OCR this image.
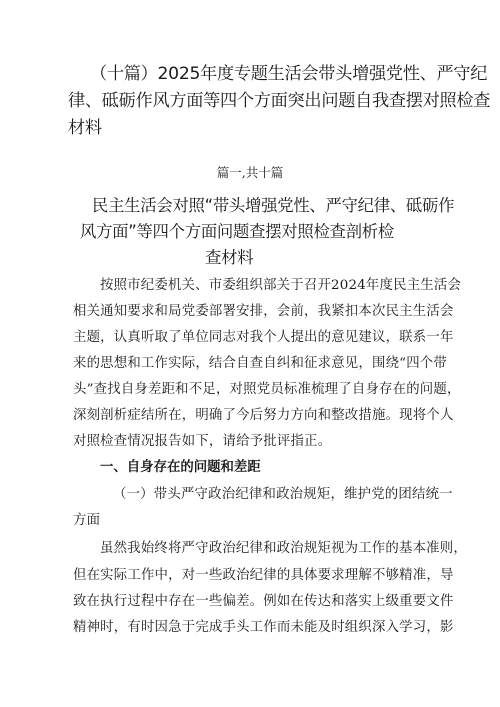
（十篇）2025年度专题生活会带头增强党性、严守纪
律、砥砺作风方面等四个方面突出问题自我查摆对照检查
材料

篇一,共十篇

民主生活会对照“带头增强党性、严守纪律、砥砺作
风方面”等四个方面问题查摆对照检查剖析检
查材料
按照市纪委机关、市委组织部关于召开2024年度民主生活会
相关通知要求和局党委部署安排，会前，我紧扣本次民主生活会
主题，认真听取了单位同志对我个人提出的意见建议，联系一年
来的思想和工作实际，结合自查自纠和征求意见，围绕“四个带
头”查找自身差距和不足，对照党员标准梳理了自身存在的问题，
深刻剖析症结所在，明确了今后努力方向和整改措施。现将个人
对照检查情况报告如下，请给予批评指正。
一、自身存在的问题和差距
（一）带头严守政治纪律和政治规矩，维护党的团结统一
方面
虽然我始终将严守政治纪律和政治规矩视为工作的基本准则，
但在实际工作中，对一些政治纪律的具体要求理解不够精准，导
致在执行过程中存在一些偏差。例如在传达和落实上级重要文件
精神时，有时因急于完成手头工作而未能及时组织深入学习，影
